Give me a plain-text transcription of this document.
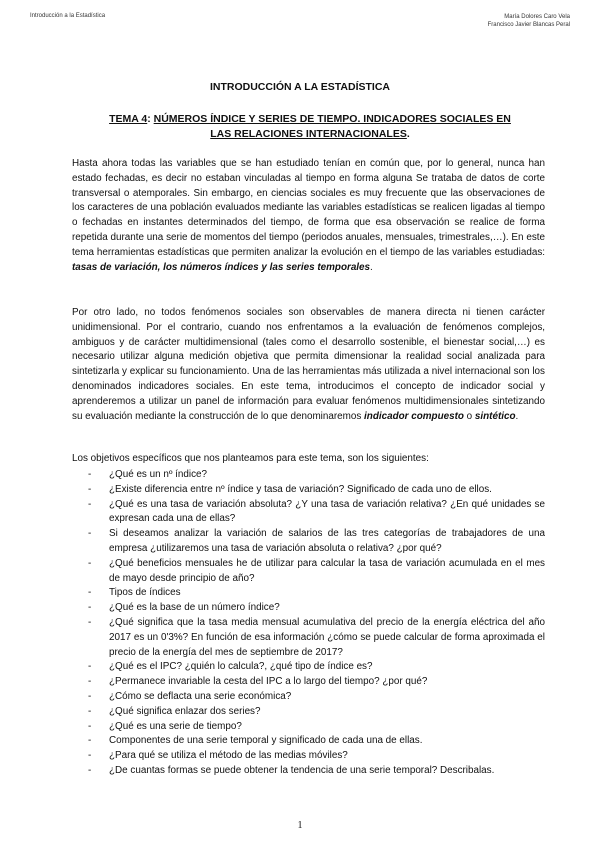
Introducción a la Estadística	María Dolores Caro Vela
Francisco Javier Blancas Peral
INTRODUCCIÓN A LA ESTADÍSTICA
TEMA 4: NÚMEROS ÍNDICE Y SERIES DE TIEMPO. INDICADORES SOCIALES EN LAS RELACIONES INTERNACIONALES.

Hasta ahora todas las variables que se han estudiado tenían en común que, por lo general, nunca han estado fechadas, es decir no estaban vinculadas al tiempo en forma alguna Se trataba de datos de corte transversal o atemporales. Sin embargo, en ciencias sociales es muy frecuente que las observaciones de los caracteres de una población evaluados mediante las variables estadísticas se realicen ligadas al tiempo o fechadas en instantes determinados del tiempo, de forma que esa observación se realice de forma repetida durante una serie de momentos del tiempo (periodos anuales, mensuales, trimestrales,…). En este tema herramientas estadísticas que permiten analizar la evolución en el tiempo de las variables estudiadas: tasas de variación, los números índices y las series temporales.

Por otro lado, no todos fenómenos sociales son observables de manera directa ni tienen carácter unidimensional. Por el contrario, cuando nos enfrentamos a la evaluación de fenómenos complejos, ambiguos y de carácter multidimensional (tales como el desarrollo sostenible, el bienestar social,…) es necesario utilizar alguna medición objetiva que permita dimensionar la realidad social analizada para sintetizarla y explicar su funcionamiento. Una de las herramientas más utilizada a nivel internacional son los denominados indicadores sociales. En este tema, introducimos el concepto de indicador social y aprenderemos a utilizar un panel de información para evaluar fenómenos multidimensionales sintetizando su evaluación mediante la construcción de lo que denominaremos indicador compuesto o sintético.

Los objetivos específicos que nos planteamos para este tema, son los siguientes:

- ¿Qué es un nº índice?
- ¿Existe diferencia entre nº índice y tasa de variación? Significado de cada uno de ellos.
- ¿Qué es una tasa de variación absoluta? ¿Y una tasa de variación relativa? ¿En qué unidades se expresan cada una de ellas?
- Si deseamos analizar la variación de salarios de las tres categorías de trabajadores de una empresa ¿utilizaremos una tasa de variación absoluta o relativa? ¿por qué?
- ¿Qué beneficios mensuales he de utilizar para calcular la tasa de variación acumulada en el mes de mayo desde principio de año?
- Tipos de índices
- ¿Qué es la base de un número índice?
- ¿Qué significa que la tasa media mensual acumulativa del precio de la energía eléctrica del año 2017 es un 0'3%? En función de esa información ¿cómo se puede calcular de forma aproximada el precio de la energía del mes de septiembre de 2017?
- ¿Qué es el IPC? ¿quién lo calcula?, ¿qué tipo de índice es?
- ¿Permanece invariable la cesta del IPC a lo largo del tiempo? ¿por qué?
- ¿Cómo se deflacta una serie económica?
- ¿Qué significa enlazar dos series?
- ¿Qué es una serie de tiempo?
- Componentes de una serie temporal y significado de cada una de ellas.
- ¿Para qué se utiliza el método de las medias móviles?
- ¿De cuantas formas se puede obtener la tendencia de una serie temporal? Describalas.
1
